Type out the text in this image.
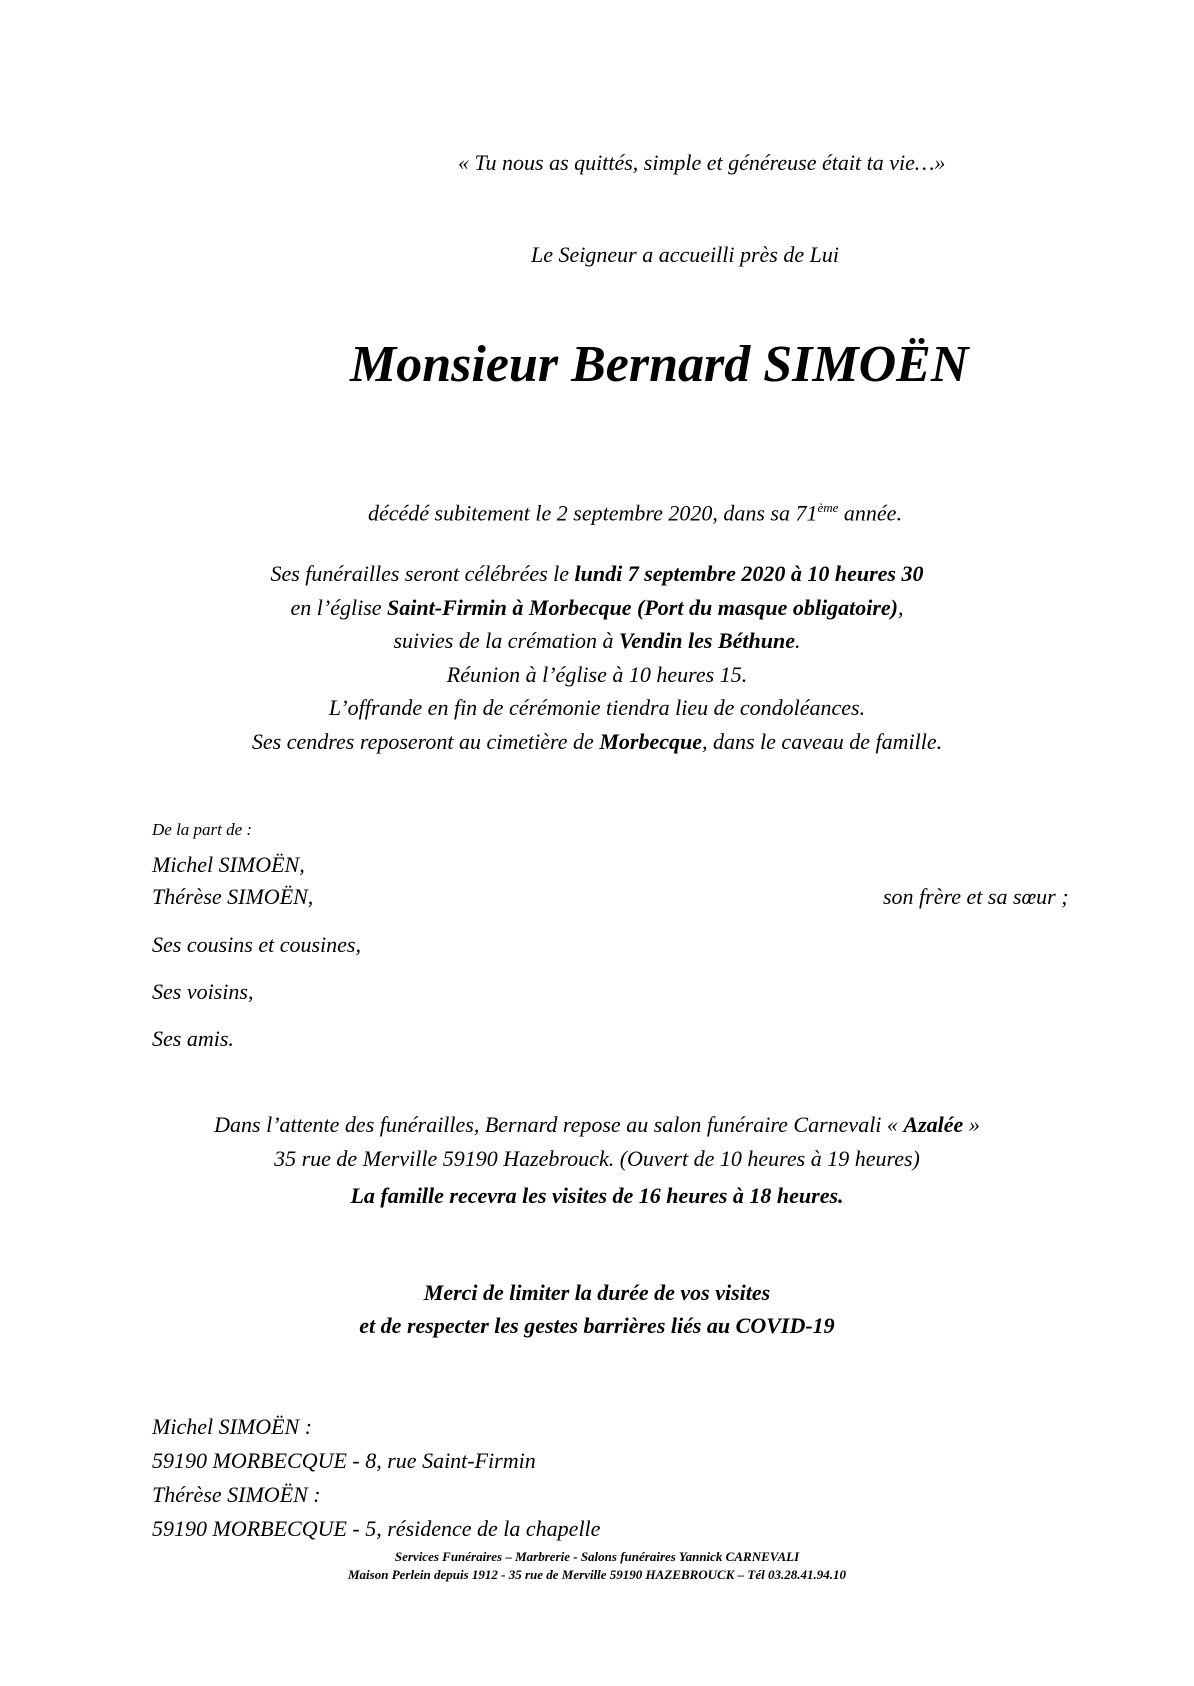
« Tu nous as quittés, simple et généreuse était ta vie…»
Le Seigneur a accueilli près de Lui
Monsieur Bernard SIMOËN
décédé subitement le 2 septembre 2020, dans sa 71ème année.
Ses funérailles seront célébrées le lundi 7 septembre 2020 à 10 heures 30
en l’église Saint-Firmin à Morbecque (Port du masque obligatoire),
suivies de la crémation à Vendin les Béthune.
Réunion à l’église à 10 heures 15.
L’offrande en fin de cérémonie tiendra lieu de condoléances.
Ses cendres reposeront au cimetière de Morbecque, dans le caveau de famille.
De la part de :
Michel SIMOËN,
Thérèse SIMOËN,
Ses cousins et cousines,
Ses voisins,
Ses amis.
son frère et sa sœur ;
Dans l’attente des funérailles, Bernard repose au salon funéraire Carnevali « Azalée »
35 rue de Merville 59190 Hazebrouck. (Ouvert de 10 heures à 19 heures)
La famille recevra les visites de 16 heures à 18 heures.
Merci de limiter la durée de vos visites
et de respecter les gestes barrières liés au COVID-19
Michel SIMOËN :
59190 MORBECQUE - 8, rue Saint-Firmin
Thérèse SIMOËN :
59190 MORBECQUE - 5, résidence de la chapelle
Services Funéraires – Marbrerie - Salons funéraires Yannick CARNEVALI
Maison Perlein depuis 1912 - 35 rue de Merville 59190 HAZEBROUCK – Tél 03.28.41.94.10
